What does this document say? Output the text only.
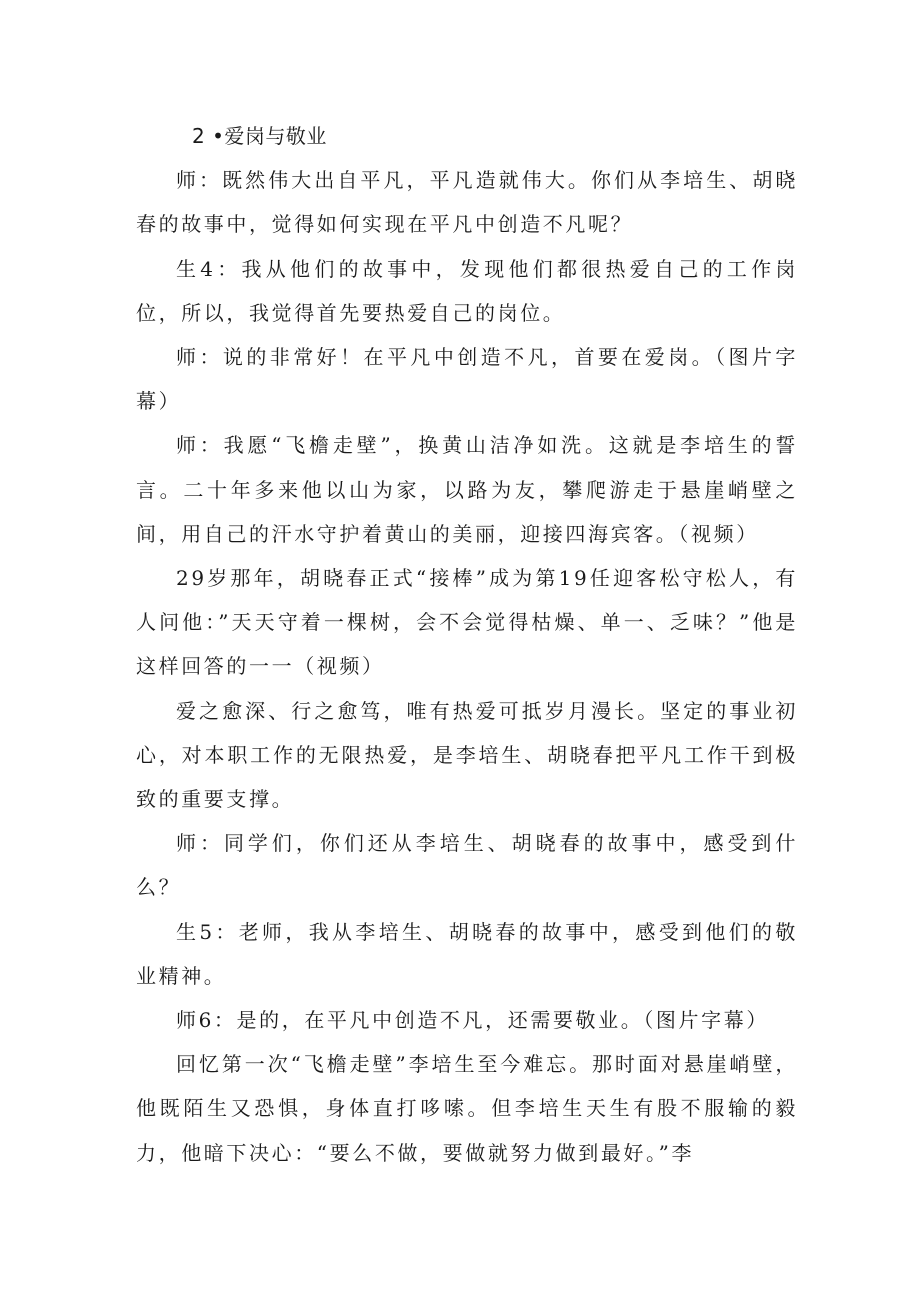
2 •爱岗与敬业

师：既然伟大出自平凡，平凡造就伟大。你们从李培生、胡晓春的故事中，觉得如何实现在平凡中创造不凡呢？

生4：我从他们的故事中，发现他们都很热爱自己的工作岗位，所以，我觉得首先要热爱自己的岗位。

师：说的非常好！在平凡中创造不凡，首要在爱岗。（图片字幕）

师：我愿“飞檐走壁”，换黄山洁净如洗。这就是李培生的誓言。二十年多来他以山为家，以路为友，攀爬游走于悬崖峭壁之间，用自己的汗水守护着黄山的美丽，迎接四海宾客。（视频）

29岁那年，胡晓春正式“接棒”成为第19任迎客松守松人，有人问他：”天天守着一棵树，会不会觉得枯燥、单一、乏味？”他是这样回答的一一（视频）

爱之愈深、行之愈笃，唯有热爱可抵岁月漫长。坚定的事业初心，对本职工作的无限热爱，是李培生、胡晓春把平凡工作干到极致的重要支撑。

师：同学们，你们还从李培生、胡晓春的故事中，感受到什么？

生5：老师，我从李培生、胡晓春的故事中，感受到他们的敬业精神。

师6：是的，在平凡中创造不凡，还需要敬业。（图片字幕）

回忆第一次“飞檐走壁”李培生至今难忘。那时面对悬崖峭壁，他既陌生又恐惧，身体直打哆嗦。但李培生天生有股不服输的毅力，他暗下决心：“要么不做，要做就努力做到最好。”李
